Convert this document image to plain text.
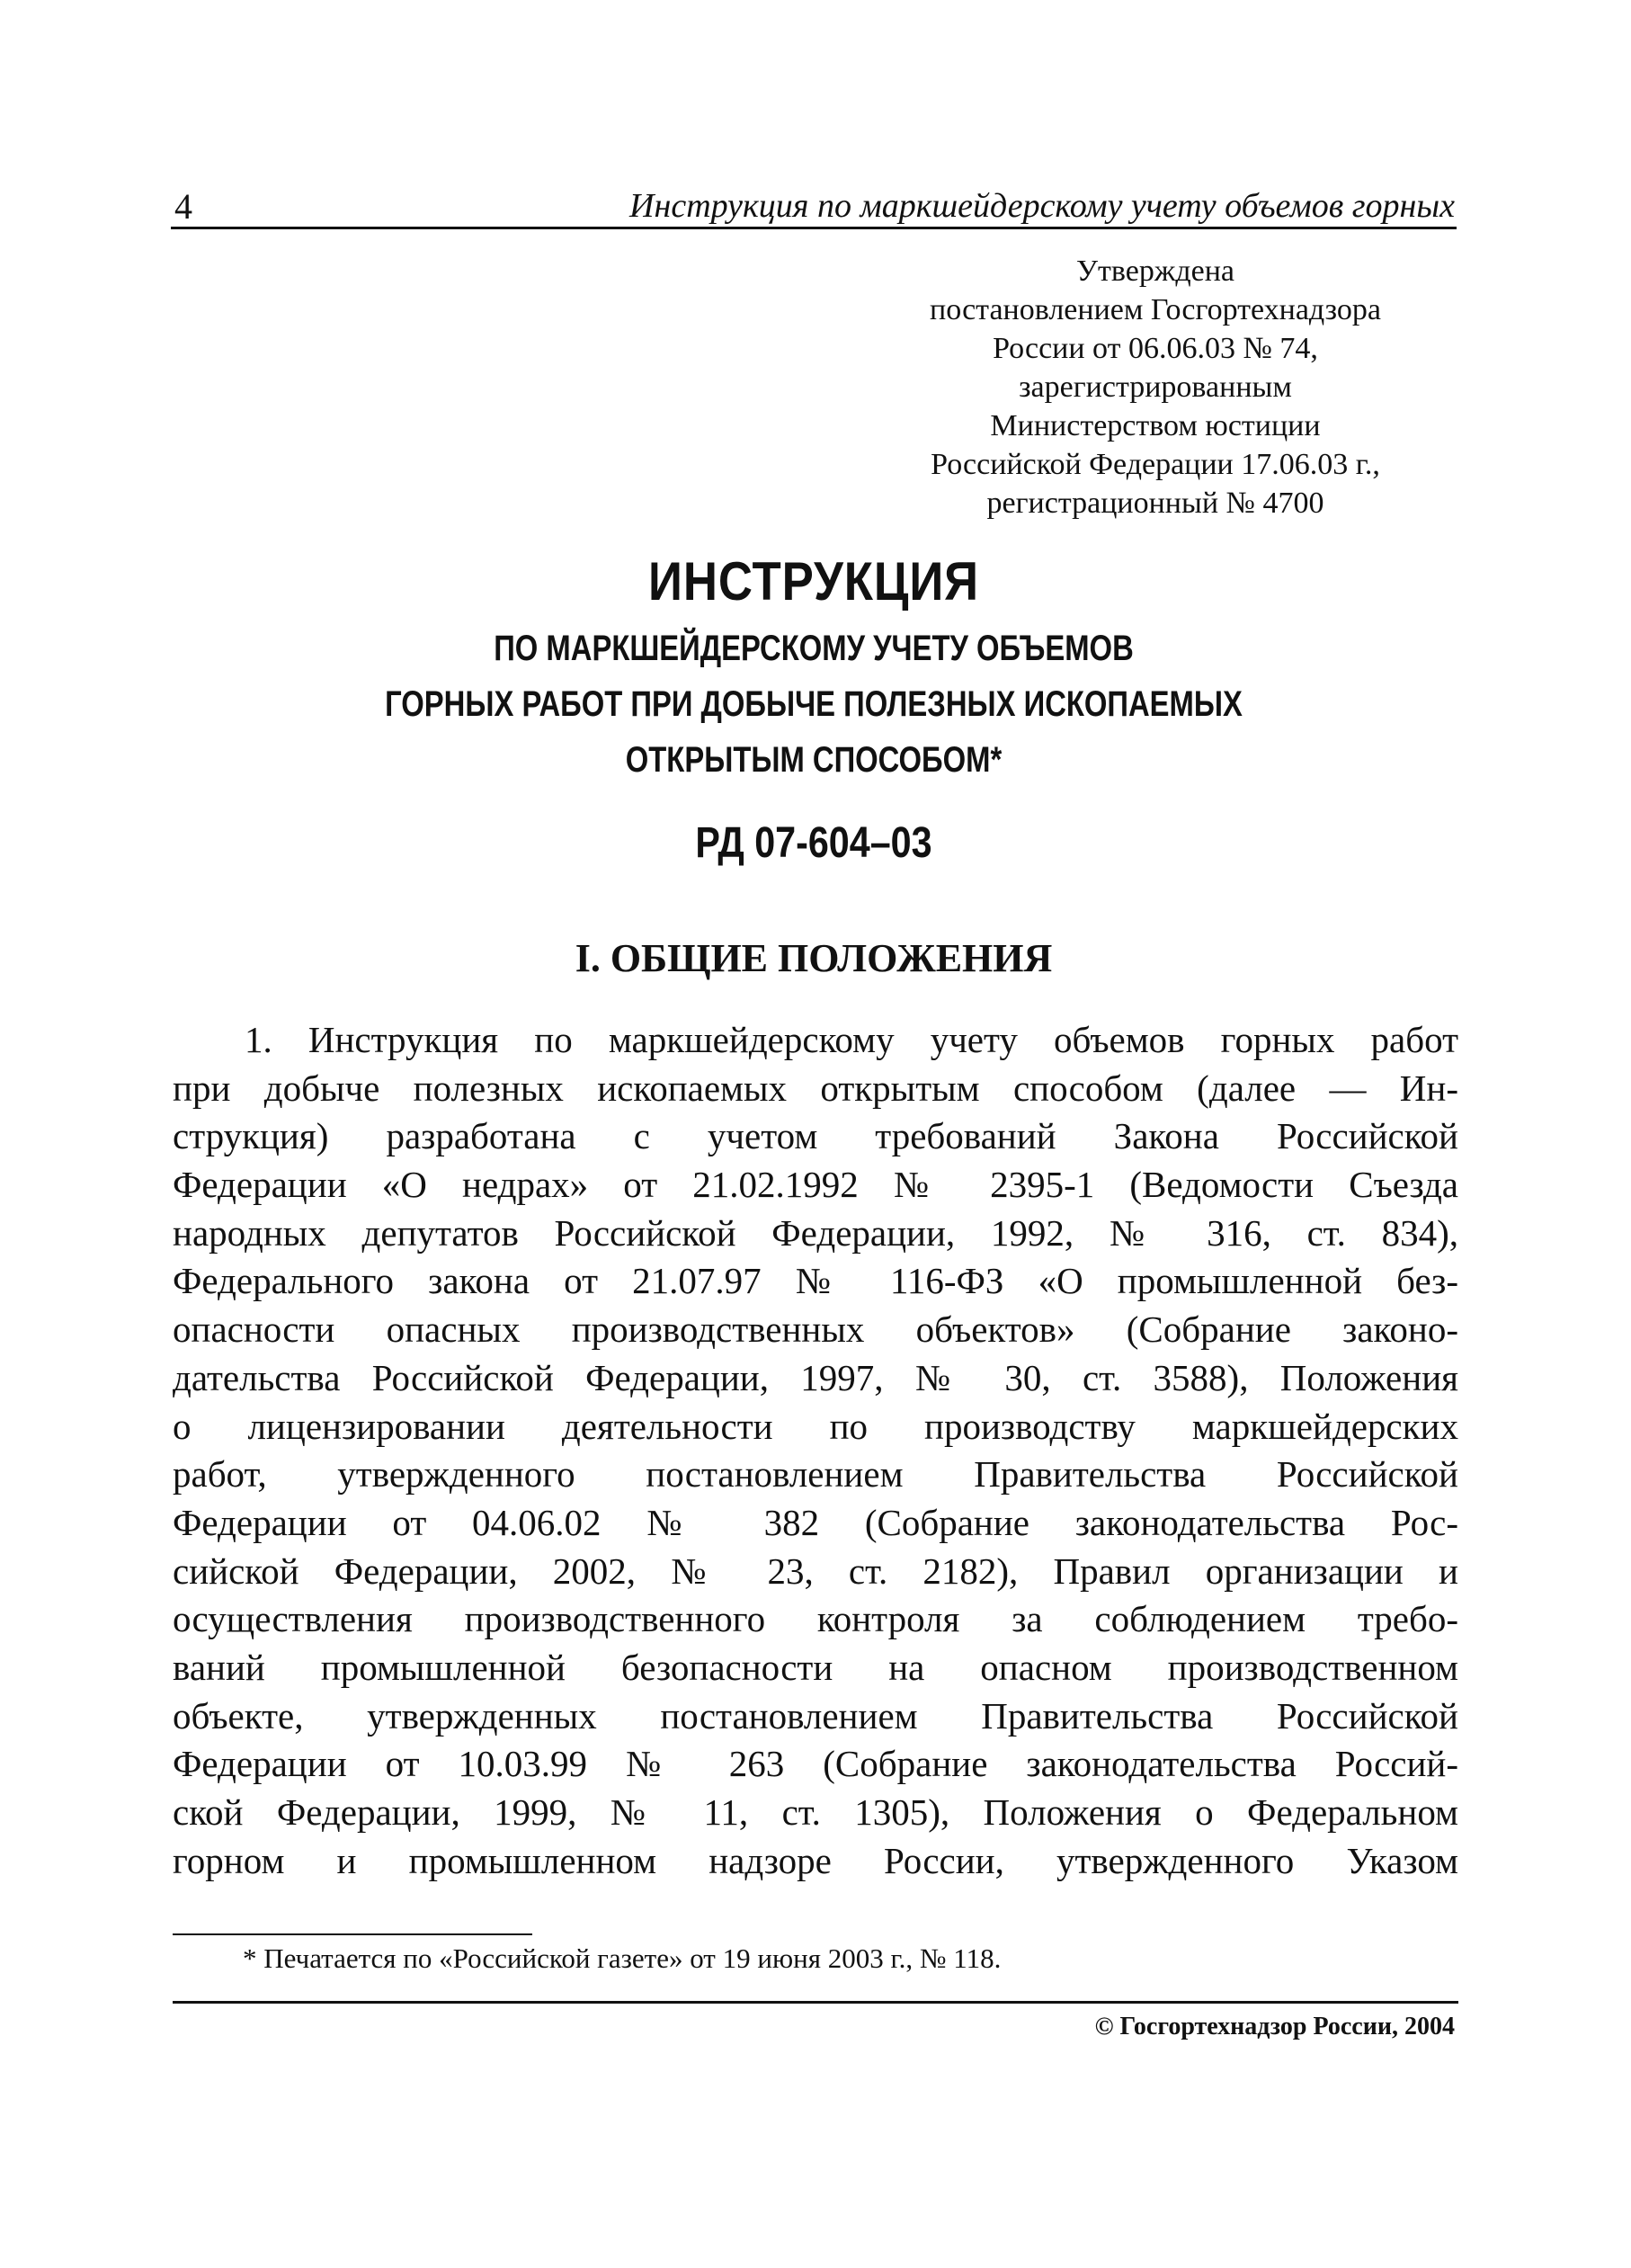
4	Инструкция по маркшейдерскому учету объемов горных
Утверждена
постановлением Госгортехнадзора
России от 06.06.03 № 74,
зарегистрированным
Министерством юстиции
Российской Федерации 17.06.03 г.,
регистрационный № 4700
ИНСТРУКЦИЯ
ПО МАРКШЕЙДЕРСКОМУ УЧЕТУ ОБЪЕМОВ
ГОРНЫХ РАБОТ ПРИ ДОБЫЧЕ ПОЛЕЗНЫХ ИСКОПАЕМЫХ
ОТКРЫТЫМ СПОСОБОМ*
РД 07-604–03
I. ОБЩИЕ ПОЛОЖЕНИЯ
1. Инструкция по маркшейдерскому учету объемов горных работ
при добыче полезных ископаемых открытым способом (далее — Ин-
струкция) разработана с учетом требований Закона Российской
Федерации «О недрах» от 21.02.1992 № 2395-1 (Ведомости Съезда
народных депутатов Российской Федерации, 1992, № 316, ст. 834),
Федерального закона от 21.07.97 № 116-ФЗ «О промышленной без-
опасности опасных производственных объектов» (Собрание законо-
дательства Российской Федерации, 1997, № 30, ст. 3588), Положения
о лицензировании деятельности по производству маркшейдерских
работ, утвержденного постановлением Правительства Российской
Федерации от 04.06.02 № 382 (Собрание законодательства Рос-
сийской Федерации, 2002, № 23, ст. 2182), Правил организации и
осуществления производственного контроля за соблюдением требо-
ваний промышленной безопасности на опасном производственном
объекте, утвержденных постановлением Правительства Российской
Федерации от 10.03.99 № 263 (Собрание законодательства Россий-
ской Федерации, 1999, № 11, ст. 1305), Положения о Федеральном
горном и промышленном надзоре России, утвержденного Указом
* Печатается по «Российской газете» от 19 июня 2003 г., № 118.
© Госгортехнадзор России, 2004
